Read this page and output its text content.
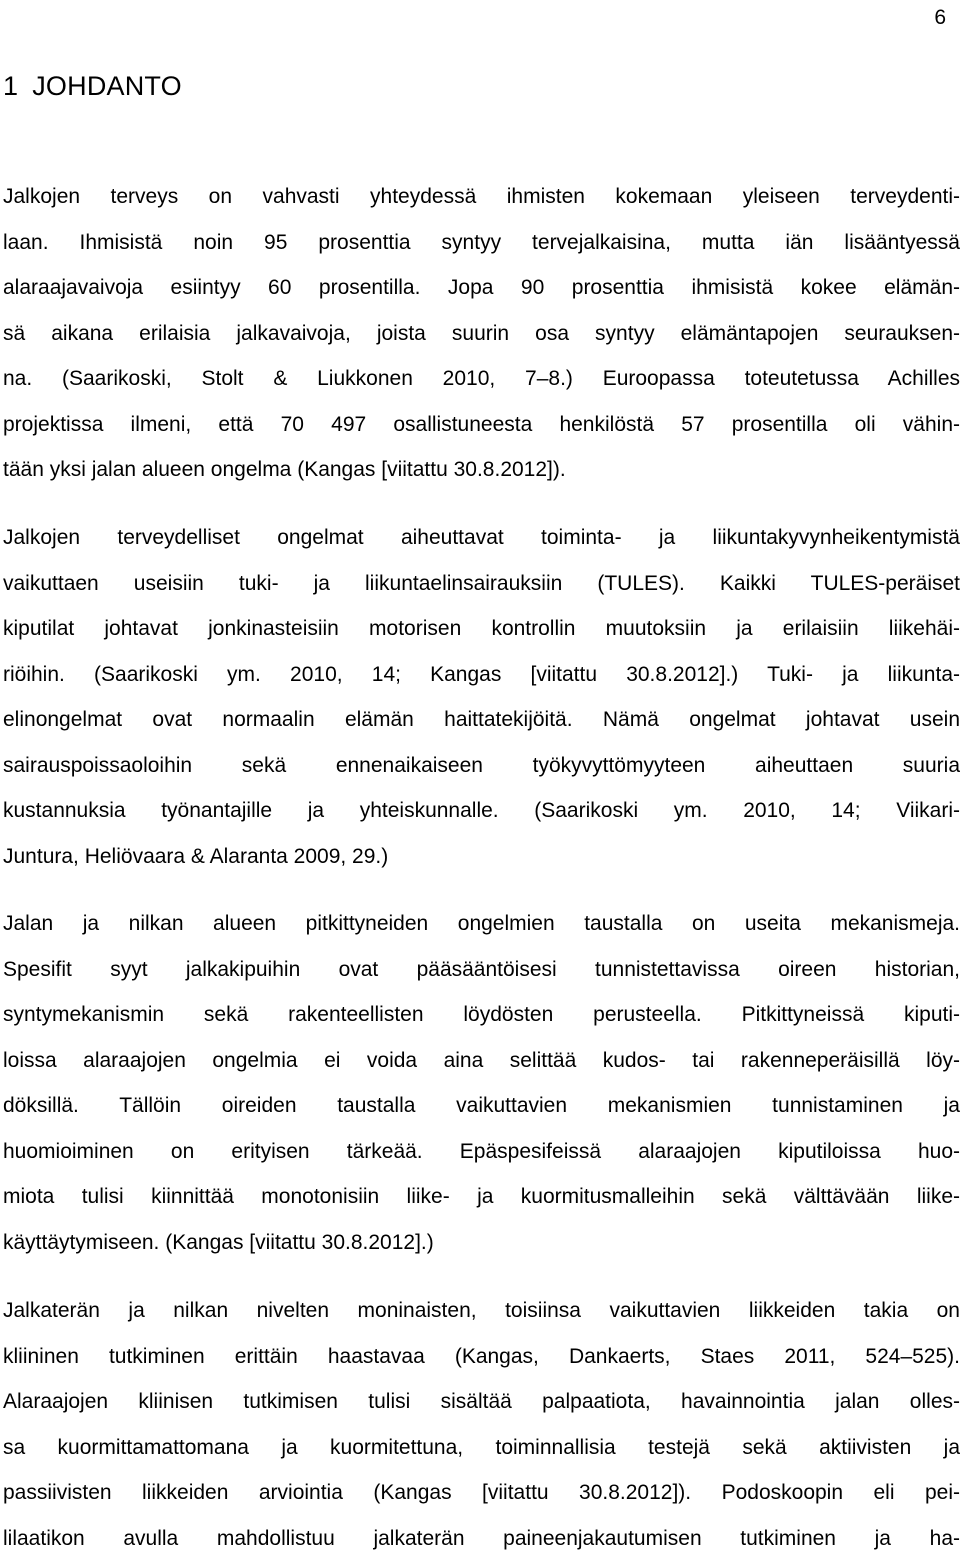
6
1 JOHDANTO
Jalkojen terveys on vahvasti yhteydessä ihmisten kokemaan yleiseen terveydenti-
laan. Ihmisistä noin 95 prosenttia syntyy tervejalkaisina, mutta iän lisääntyessä
alaraajavaivoja esiintyy 60 prosentilla. Jopa 90 prosenttia ihmisistä kokee elämän-
sä aikana erilaisia jalkavaivoja, joista suurin osa syntyy elämäntapojen seurauksen-
na. (Saarikoski, Stolt & Liukkonen 2010, 7–8.) Euroopassa toteutetussa Achilles
projektissa ilmeni, että 70 497 osallistuneesta henkilöstä 57 prosentilla oli vähin-
tään yksi jalan alueen ongelma (Kangas [viitattu 30.8.2012]).
Jalkojen terveydelliset ongelmat aiheuttavat toiminta- ja liikuntakyvynheikentymistä
vaikuttaen useisiin tuki- ja liikuntaelinsairauksiin (TULES). Kaikki TULES-peräiset
kiputilat johtavat jonkinasteisiin motorisen kontrollin muutoksiin ja erilaisiin liikehäi-
riöihin. (Saarikoski ym. 2010, 14; Kangas [viitattu 30.8.2012].) Tuki- ja liikunta-
elinongelmat ovat normaalin elämän haittatekijöitä. Nämä ongelmat johtavat usein
sairauspoissaoloihin sekä ennenaikaiseen työkyvyttömyyteen aiheuttaen suuria
kustannuksia työnantajille ja yhteiskunnalle. (Saarikoski ym. 2010, 14; Viikari-
Juntura, Heliövaara & Alaranta 2009, 29.)
Jalan ja nilkan alueen pitkittyneiden ongelmien taustalla on useita mekanismeja.
Spesifit syyt jalkakipuihin ovat pääsääntöisesi tunnistettavissa oireen historian,
syntymekanismin sekä rakenteellisten löydösten perusteella. Pitkittyneissä kiputi-
loissa alaraajojen ongelmia ei voida aina selittää kudos- tai rakenneperäisillä löy-
döksillä. Tällöin oireiden taustalla vaikuttavien mekanismien tunnistaminen ja
huomioiminen on erityisen tärkeää. Epäspesifeissä alaraajojen kiputiloissa huo-
miota tulisi kiinnittää monotonisiin liike- ja kuormitusmalleihin sekä välttävään liike-
käyttäytymiseen. (Kangas [viitattu 30.8.2012].)
Jalkaterän ja nilkan nivelten moninaisten, toisiinsa vaikuttavien liikkeiden takia on
kliininen tutkiminen erittäin haastavaa (Kangas, Dankaerts, Staes 2011, 524–525).
Alaraajojen kliinisen tutkimisen tulisi sisältää palpaatiota, havainnointia jalan olles-
sa kuormittamattomana ja kuormitettuna, toiminnallisia testejä sekä aktiivisten ja
passiivisten liikkeiden arviointia (Kangas [viitattu 30.8.2012]). Podoskoopin eli pei-
lilaatikon avulla mahdollistuu jalkaterän paineenjakautumisen tutkiminen ja ha-
